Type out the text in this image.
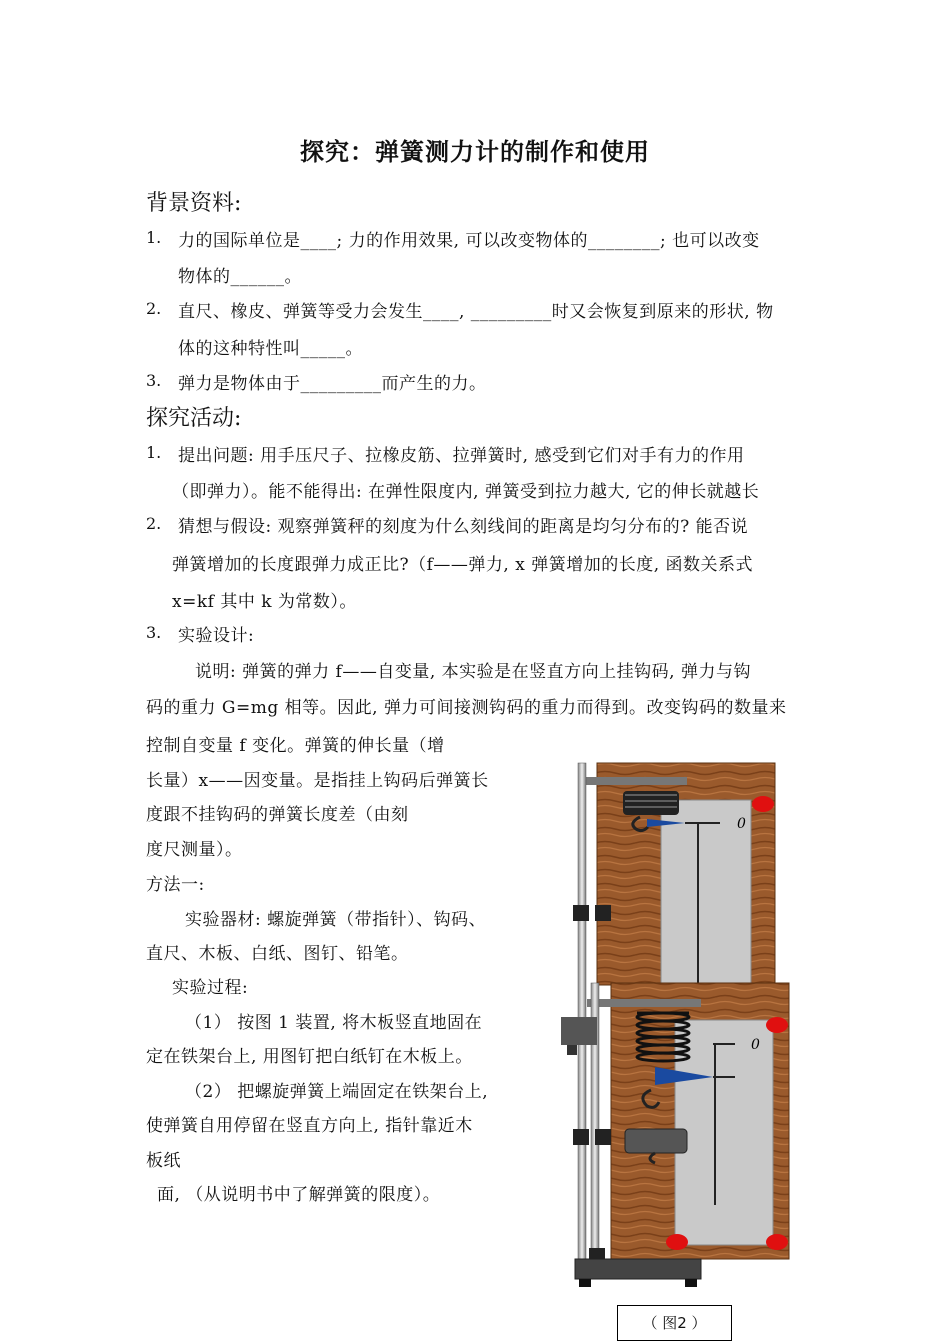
探究：弹簧测力计的制作和使用
背景资料:
1. 力的国际单位是____; 力的作用效果, 可以改变物体的________; 也可以改变
物体的______。
2. 直尺、橡皮、弹簧等受力会发生____, _________时又会恢复到原来的形状, 物
体的这种特性叫_____。
3. 弹力是物体由于_________而产生的力。
探究活动:
1. 提出问题: 用手压尺子、拉橡皮筋、拉弹簧时, 感受到它们对手有力的作用
（即弹力）。能不能得出: 在弹性限度内, 弹簧受到拉力越大, 它的伸长就越长
2. 猜想与假设: 观察弹簧秤的刻度为什么刻线间的距离是均匀分布的? 能否说
弹簧增加的长度跟弹力成正比?（f——弹力, x 弹簧增加的长度, 函数关系式
x=kf 其中 k 为常数）。
3. 实验设计:
说明: 弹簧的弹力 f——自变量, 本实验是在竖直方向上挂钩码, 弹力与钩
码的重力 G=mg 相等。因此, 弹力可间接测钩码的重力而得到。改变钩码的数量来
控制自变量 f 变化。弹簧的伸长量（增
长量）x——因变量。是指挂上钩码后弹簧长
度跟不挂钩码的弹簧长度差（由刻
度尺测量）。
方法一:
实验器材: 螺旋弹簧（带指针）、钩码、
直尺、木板、白纸、图钉、铅笔。
实验过程:
（1） 按图 1 装置, 将木板竖直地固在
定在铁架台上, 用图钉把白纸钉在木板上。
（2） 把螺旋弹簧上端固定在铁架台上,
使弹簧自用停留在竖直方向上, 指针靠近木
板纸
面, （从说明书中了解弹簧的限度）。
0
0
（ 图2 ）
